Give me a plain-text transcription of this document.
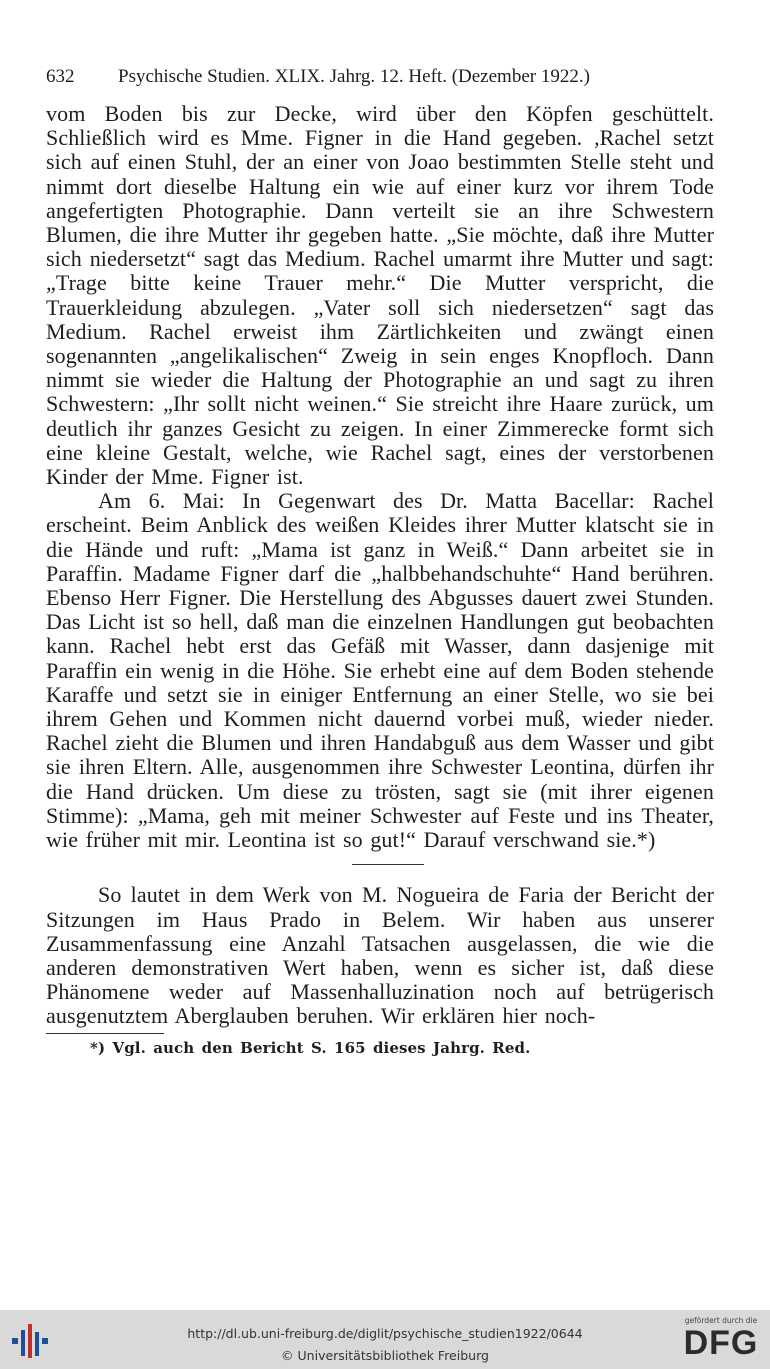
632 Psychische Studien. XLIX. Jahrg. 12. Heft. (Dezember 1922.)

vom Boden bis zur Decke, wird über den Köpfen geschüttelt. Schließlich wird es Mme. Figner in die Hand gegeben. ,Rachel setzt sich auf einen Stuhl, der an einer von Joao bestimmten Stelle steht und nimmt dort dieselbe Haltung ein wie auf einer kurz vor ihrem Tode angefertigten Photographie. Dann verteilt sie an ihre Schwestern Blumen, die ihre Mutter ihr gegeben hatte. „Sie möchte, daß ihre Mutter sich niedersetzt“ sagt das Medium. Rachel umarmt ihre Mutter und sagt: „Trage bitte keine Trauer mehr.“ Die Mutter verspricht, die Trauerkleidung abzulegen. „Vater soll sich niedersetzen“ sagt das Medium. Rachel erweist ihm Zärtlichkeiten und zwängt einen sogenannten „angelikalischen“ Zweig in sein enges Knopfloch. Dann nimmt sie wieder die Haltung der Photographie an und sagt zu ihren Schwestern: „Ihr sollt nicht weinen.“ Sie streicht ihre Haare zurück, um deutlich ihr ganzes Gesicht zu zeigen. In einer Zimmerecke formt sich eine kleine Gestalt, welche, wie Rachel sagt, eines der verstorbenen Kinder der Mme. Figner ist.

Am 6. Mai: In Gegenwart des Dr. Matta Bacellar: Rachel erscheint. Beim Anblick des weißen Kleides ihrer Mutter klatscht sie in die Hände und ruft: „Mama ist ganz in Weiß.“ Dann arbeitet sie in Paraffin. Madame Figner darf die „halbbehandschuhte“ Hand berühren. Ebenso Herr Figner. Die Herstellung des Abgusses dauert zwei Stunden. Das Licht ist so hell, daß man die einzelnen Handlungen gut beobachten kann. Rachel hebt erst das Gefäß mit Wasser, dann dasjenige mit Paraffin ein wenig in die Höhe. Sie erhebt eine auf dem Boden stehende Karaffe und setzt sie in einiger Entfernung an einer Stelle, wo sie bei ihrem Gehen und Kommen nicht dauernd vorbei muß, wieder nieder. Rachel zieht die Blumen und ihren Handabguß aus dem Wasser und gibt sie ihren Eltern. Alle, ausgenommen ihre Schwester Leontina, dürfen ihr die Hand drücken. Um diese zu trösten, sagt sie (mit ihrer eigenen Stimme): „Mama, geh mit meiner Schwester auf Feste und ins Theater, wie früher mit mir. Leontina ist so gut!“ Darauf verschwand sie.*)

So lautet in dem Werk von M. Nogueira de Faria der Bericht der Sitzungen im Haus Prado in Belem. Wir haben aus unserer Zusammenfassung eine Anzahl Tatsachen ausgelassen, die wie die anderen demonstrativen Wert haben, wenn es sicher ist, daß diese Phänomene weder auf Massenhalluzination noch auf betrügerisch ausgenutztem Aberglauben beruhen. Wir erklären hier noch-

*) Vgl. auch den Bericht S. 165 dieses Jahrg. Red.
http://dl.ub.uni-freiburg.de/diglit/psychische_studien1922/0644
© Universitätsbibliothek Freiburg
gefördert durch die
DFG
